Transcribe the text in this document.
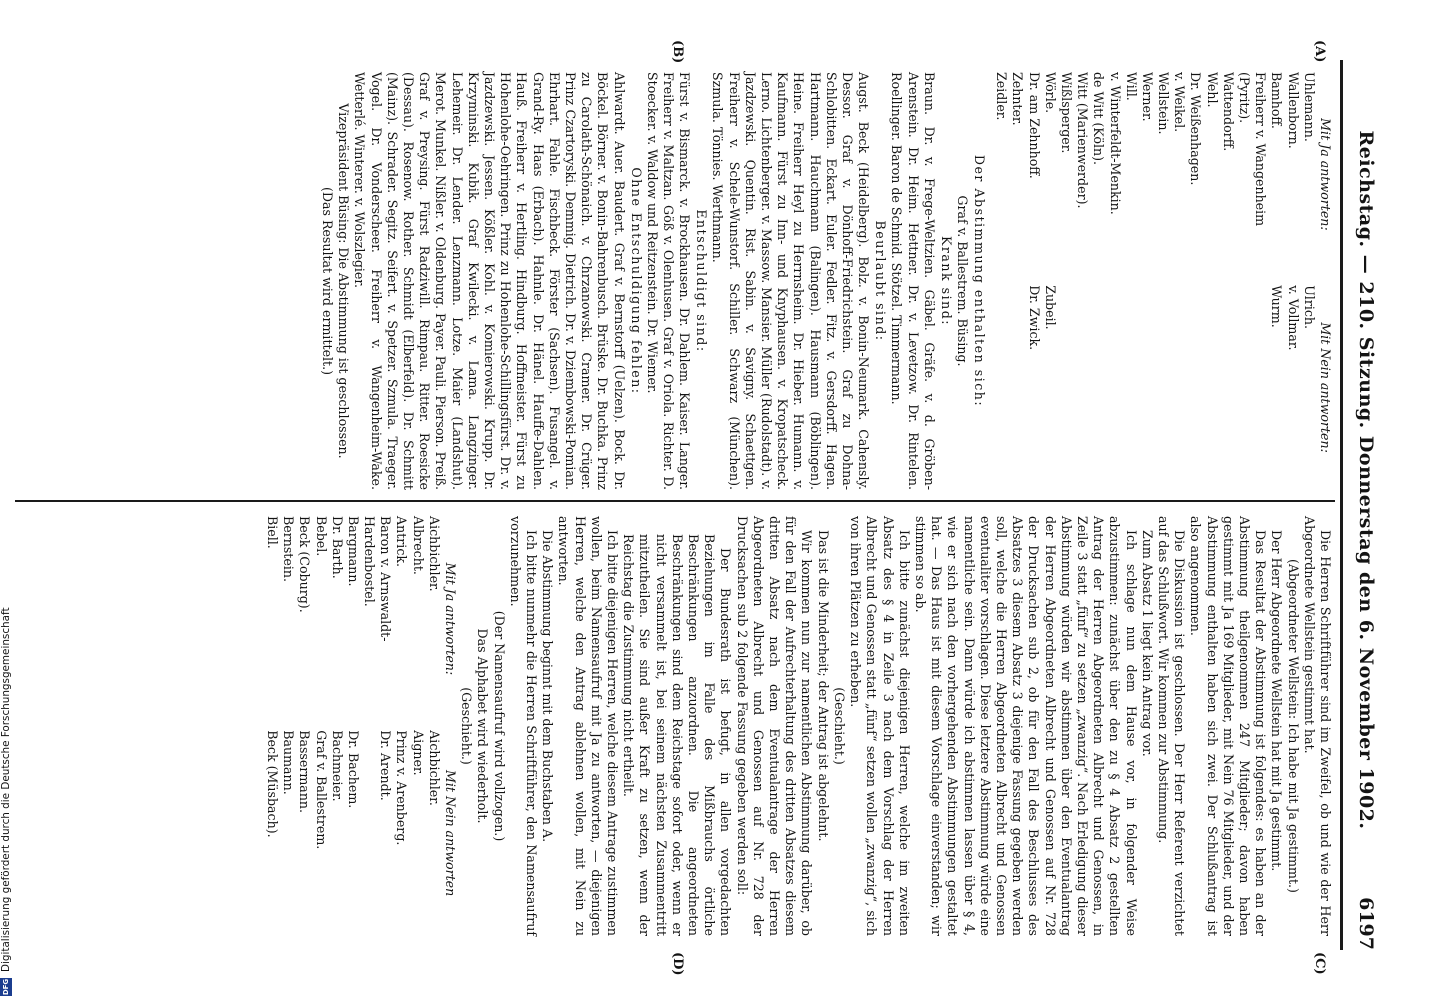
DFGDigitalisierung gefördert durch die Deutsche Forschungsgemeinschaft	Reichstag. — 210. Sitzung. Donnerstag den 6. November 1902.
6197
(A)
(B)
(C)
(D)
Mit Ja antworten:
Mit Nein antworten:
Uhlemann.
Wallenborn.
Bamhoff.
Freiherr v. Wangenheim
(Pyritz).
Wattendorff.
Wehl.
Dr. Weißenhagen.
v. Weikel.
Wellstein.
Werner.
Will.
v. Winterfeldt-Menkin.
de Witt (Köln).
Witt (Marienwerder).
Wißlsperger.
Wörle.
Dr. am Zehnhoff.
Zehnter.
Zeidler.
Ulrich.
v. Vollmar.
Wurm.
Zubeil.
Dr. Zwick.
Der Abstimmung enthalten sich:
Graf v. Ballestrem. Büsing.
Krank sind:

Braun. Dr. v. Frege-Weltzien. Gäbel. Gräfe. v. d. Gröben-Arenstein. Dr. Heim. Hettner. Dr. v. Levetzow. Dr. Rintelen. Roellinger. Baron de Schmid. Stötzel. Timmermann.

Beurlaubt sind:

Augst. Beck (Heidelberg). Bolz. v. Bonin-Neumark. Cahensly. Dessor. Graf v. Dönhoff-Friedrichstein. Graf zu Dohna-Schlobitten. Eckart. Euler. Fedler. Fitz. v. Gersdorff. Hagen. Hartmann. Hauchmann (Balingen). Hausmann (Böblingen). Heine. Freiherr Heyl zu Herrnsheim. Dr. Hieber. Humann. v. Kaufmann. Fürst zu Inn- und Knyphausen. v. Kropatscheck. Lerno. Lichtenberger. v. Massow. Mansier. Müller (Rudolstadt). v. Jazdzewski. Quentin. Rist. Sabin. v. Savigny. Schaettgen. Freiherr v. Schele-Wunstorf. Schiller. Schwarz (München). Szmula. Tönnies. Werthmann.

Entschuldigt sind:

Fürst v. Bismarck. v. Brockhausen. Dr. Dahlem. Kaiser. Langer. Freiherr v. Maltzan. Göß v. Olenhusen. Graf v. Oriola. Richter. D. Stoecker. v. Waldow und Reitzenstein. Dr. Wiemer.

Ohne Entschuldigung fehlen:

Ahlwardt. Auer. Baudert. Graf v. Bernstorff (Uelzen). Bock. Dr. Böckel. Börner. v. Bonin-Bahrenbusch. Brüske. Dr. Buchka. Prinz zu Carolath-Schönaich. v. Chrzanowski. Cramer. Dr. Crüger. Prinz Czartoryski. Demmig. Dietrich. Dr. v. Dziembowski-Pomian. Ehrhart. Fahle. Fischbeck. Förster (Sachsen). Fusangel. v. Grand-Ry. Haas (Erbach). Hahnle. Dr. Hänel. Hauffe-Dahlen. Hauß. Freiherr v. Hertling. Hindburg. Hoffmeister. Fürst zu Hohenlohe-Oehringen. Prinz zu Hohenlohe-Schillingsfürst. Dr. v. Jazdzewski. Jessen. Kößler. Kohl. v. Komierowski. Krupp. Dr. Krzyminski. Kubik. Graf Kwilecki. v. Lama. Langzinger. Lehemeir. Dr. Lender. Lenzmann. Lotze. Maier (Landshut). Merot. Munkel. Nißler. v. Oldenburg. Payer. Pauli. Pierson. Preiß. Graf v. Preysing. Fürst Radziwill. Rimpau. Ritter. Roesicke (Dessau). Rosenow. Rother. Schmidt (Elberfeld). Dr. Schmitt (Mainz). Schrader. Segitz. Seifert. v. Spetzer. Szmula. Traeger. Vogel. Dr. Vonderscheer. Freiherr v. Wangenheim-Wake. Wetterlé. Winterer. v. Wolszlegier.

Vizepräsident Büsing: Die Abstimmung ist geschlossen.
(Das Resultat wird ermittelt.)

Die Herren Schriftführer sind im Zweifel, ob und wie der Herr Abgeordnete Wellstein gestimmt hat.

(Abgeordneter Wellstein: Ich habe mit Ja gestimmt.)

Der Herr Abgeordnete Wellstein hat mit Ja gestimmt.

Das Resultat der Abstimmung ist folgendes: es haben an der Abstimmung theilgenommen 247 Mitglieder; davon haben gestimmt mit Ja 169 Mitglieder, mit Nein 76 Mitglieder, und der Abstimmung enthalten haben sich zwei. Der Schlußantrag ist also angenommen.

Die Diskussion ist geschlossen. Der Herr Referent verzichtet auf das Schlußwort. Wir kommen zur Abstimmung.

Zum Absatz 1 liegt kein Antrag vor.

Ich schlage nun dem Hause vor, in folgender Weise abzustimmen: zunächst über den zu § 4 Absatz 2 gestellten Antrag der Herren Abgeordneten Albrecht und Genossen, in Zeile 3 statt „fünf“ zu setzen „zwanzig“. Nach Erledigung dieser Abstimmung würden wir abstimmen über den Eventualantrag der Herren Abgeordneten Albrecht und Genossen auf Nr. 728 der Drucksachen sub 2, ob für den Fall des Beschlusses des Absatzes 3 diesem Absatz 3 diejenige Fassung gegeben werden soll, welche die Herren Abgeordneten Albrecht und Genossen eventualiter vorschlagen. Diese letztere Abstimmung würde eine namentliche sein. Dann würde ich abstimmen lassen über § 4, wie er sich nach den vorhergehenden Abstimmungen gestaltet hat. — Das Haus ist mit diesem Vorschlage einverstanden; wir stimmen so ab.

Ich bitte zunächst diejenigen Herren, welche im zweiten Absatz des § 4 in Zeile 3 nach dem Vorschlag der Herren Albrecht und Genossen statt „fünf“ setzen wollen „zwanzig“, sich von ihren Plätzen zu erheben.

(Geschieht.)

Das ist die Minderheit; der Antrag ist abgelehnt.

Wir kommen nun zur namentlichen Abstimmung darüber, ob für den Fall der Aufrechterhaltung des dritten Absatzes diesem dritten Absatz nach dem Eventualantrage der Herren Abgeordneten Albrecht und Genossen auf Nr. 728 der Drucksachen sub 2 folgende Fassung gegeben werden soll:

Der Bundesrath ist befugt, in allen vorgedachten Beziehungen im Falle des Mißbrauchs örtliche Beschränkungen anzuordnen. Die angeordneten Beschränkungen sind dem Reichstage sofort oder, wenn er nicht versammelt ist, bei seinem nächsten Zusammentritt mitzutheilen. Sie sind außer Kraft zu setzen, wenn der Reichstag die Zustimmung nicht ertheilt.

Ich bitte diejenigen Herren, welche diesem Antrage zustimmen wollen, beim Namensaufruf mit Ja zu antworten, — diejenigen Herren, welche den Antrag ablehnen wollen, mit Nein zu antworten.

Die Abstimmung beginnt mit dem Buchstaben A.

Ich bitte nunmehr die Herren Schriftführer, den Namensaufruf vorzunehmen.

(Der Namensaufruf wird vollzogen.)
Das Alphabet wird wiederholt.
(Geschieht.)
Mit Ja antworten:
Mit Nein antworten
Aichbichler.
Albrecht.
Antrick.
Baron v. Arnswaldt-
Hardenbostel.
Bargmann.
Dr. Barth.
Bebel.
Beck (Coburg).
Bernstein.
Biell.
Aichbichler.
Aigner.
Prinz v. Arenberg.
Dr. Arendt.
Dr. Bachem.
Bachmeier.
Graf v. Ballestrem.
Bassermann.
Baumann.
Beck (Müsbach).
